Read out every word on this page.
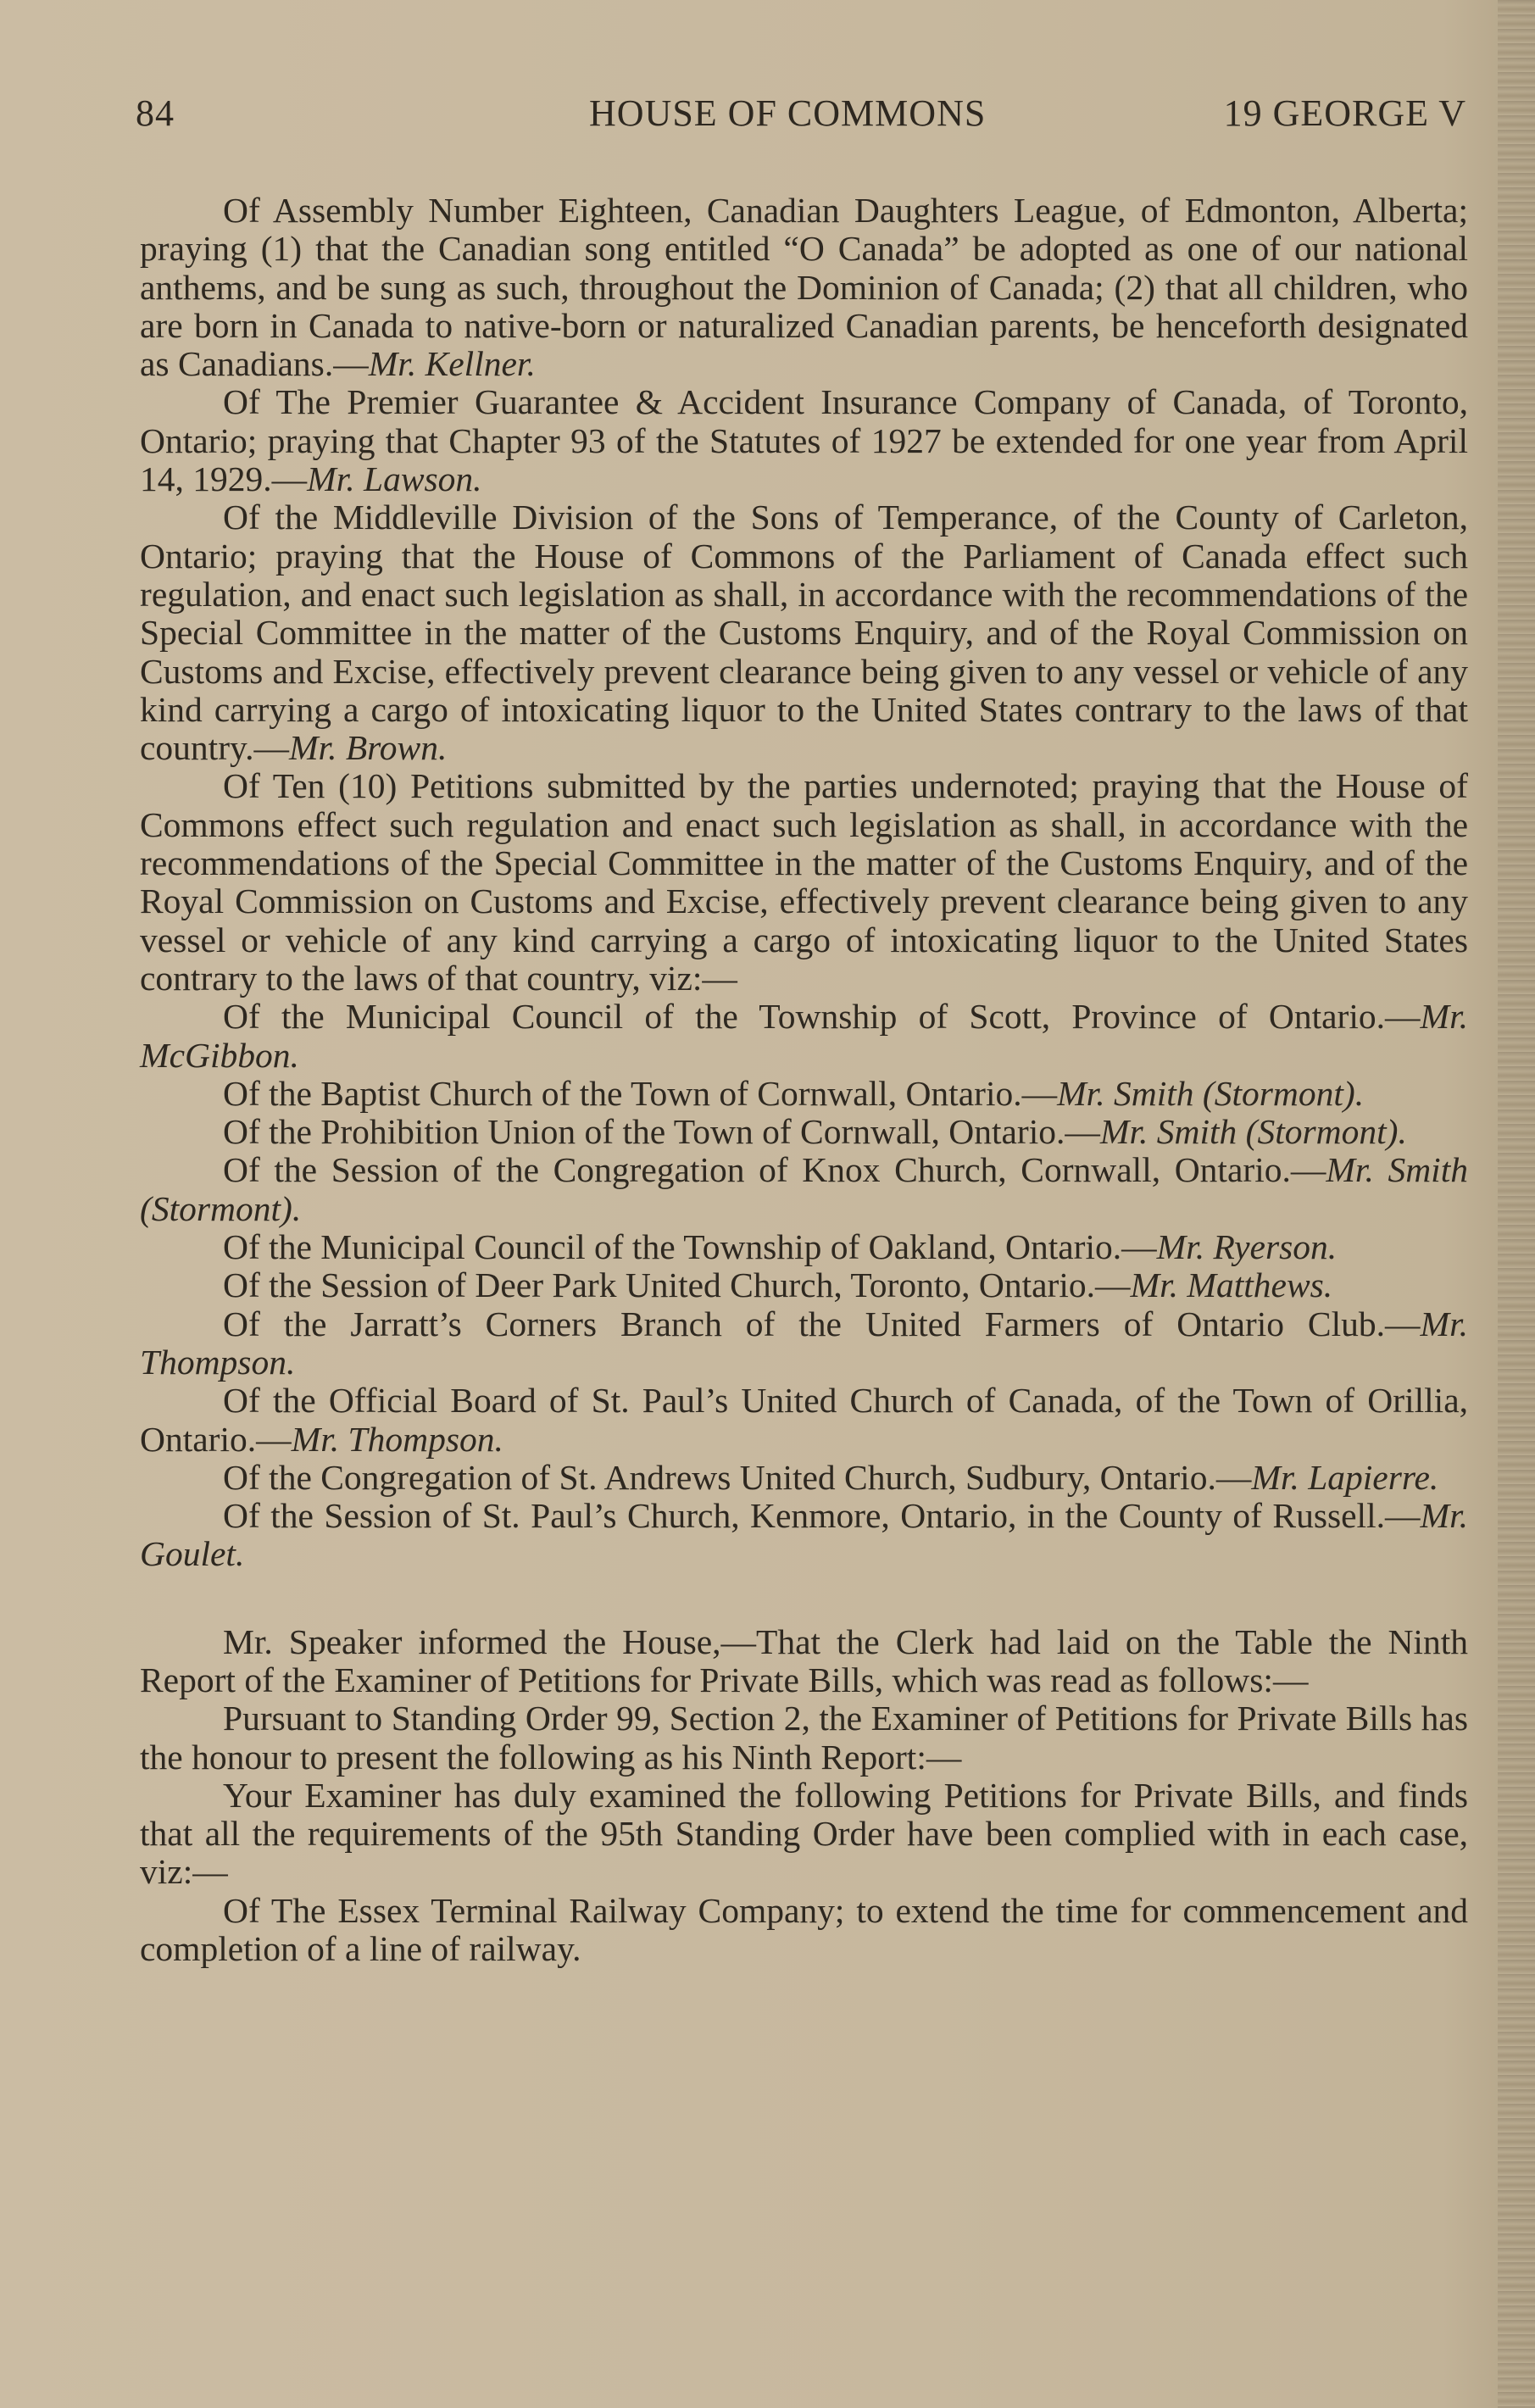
84	HOUSE OF COMMONS	19 GEORGE V

Of Assembly Number Eighteen, Canadian Daughters League, of Edmonton, Alberta; praying (1) that the Canadian song entitled “O Canada” be adopted as one of our national anthems, and be sung as such, throughout the Dominion of Canada; (2) that all children, who are born in Canada to native-born or naturalized Canadian parents, be henceforth designated as Canadians.—Mr. Kellner.

Of The Premier Guarantee & Accident Insurance Company of Canada, of Toronto, Ontario; praying that Chapter 93 of the Statutes of 1927 be extended for one year from April 14, 1929.—Mr. Lawson.

Of the Middleville Division of the Sons of Temperance, of the County of Carleton, Ontario; praying that the House of Commons of the Parliament of Canada effect such regulation, and enact such legislation as shall, in accordance with the recommendations of the Special Committee in the matter of the Customs Enquiry, and of the Royal Commission on Customs and Excise, effectively prevent clearance being given to any vessel or vehicle of any kind carrying a cargo of intoxicating liquor to the United States contrary to the laws of that country.—Mr. Brown.

Of Ten (10) Petitions submitted by the parties undernoted; praying that the House of Commons effect such regulation and enact such legislation as shall, in accordance with the recommendations of the Special Committee in the matter of the Customs Enquiry, and of the Royal Commission on Customs and Excise, effectively prevent clearance being given to any vessel or vehicle of any kind carrying a cargo of intoxicating liquor to the United States contrary to the laws of that country, viz:—

Of the Municipal Council of the Township of Scott, Province of Ontario.—Mr. McGibbon.

Of the Baptist Church of the Town of Cornwall, Ontario.—Mr. Smith (Stormont).

Of the Prohibition Union of the Town of Cornwall, Ontario.—Mr. Smith (Stormont).

Of the Session of the Congregation of Knox Church, Cornwall, Ontario.—Mr. Smith (Stormont).

Of the Municipal Council of the Township of Oakland, Ontario.—Mr. Ryerson.

Of the Session of Deer Park United Church, Toronto, Ontario.—Mr. Matthews.

Of the Jarratt’s Corners Branch of the United Farmers of Ontario Club.—Mr. Thompson.

Of the Official Board of St. Paul’s United Church of Canada, of the Town of Orillia, Ontario.—Mr. Thompson.

Of the Congregation of St. Andrews United Church, Sudbury, Ontario.—Mr. Lapierre.

Of the Session of St. Paul’s Church, Kenmore, Ontario, in the County of Russell.—Mr. Goulet.

Mr. Speaker informed the House,—That the Clerk had laid on the Table the Ninth Report of the Examiner of Petitions for Private Bills, which was read as follows:—

Pursuant to Standing Order 99, Section 2, the Examiner of Petitions for Private Bills has the honour to present the following as his Ninth Report:—

Your Examiner has duly examined the following Petitions for Private Bills, and finds that all the requirements of the 95th Standing Order have been complied with in each case, viz:—

Of The Essex Terminal Railway Company; to extend the time for commencement and completion of a line of railway.
